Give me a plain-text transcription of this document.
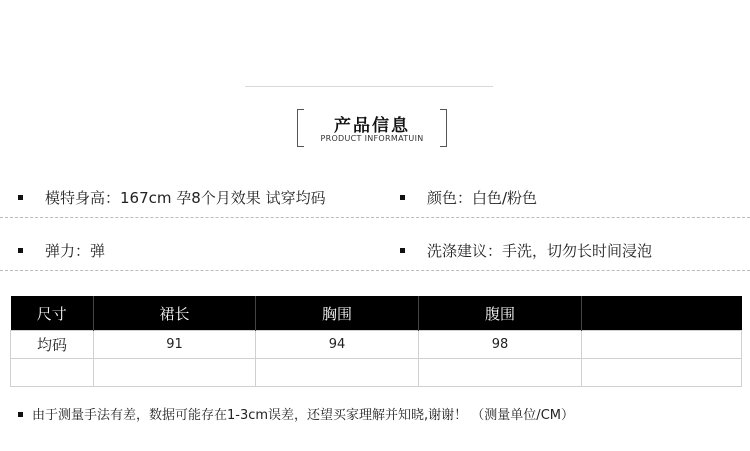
产品信息
PRODUCT INFORMATUIN
模特身高：167cm 孕8个月效果 试穿均码	颜色：白色/粉色
弹力：弹	洗涤建议：手洗，切勿长时间浸泡
尺寸	裙长	胸围	腹围	
均码	91	94	98	

由于测量手法有差，数据可能存在1-3cm误差，还望买家理解并知晓,谢谢！ （测量单位/CM）
